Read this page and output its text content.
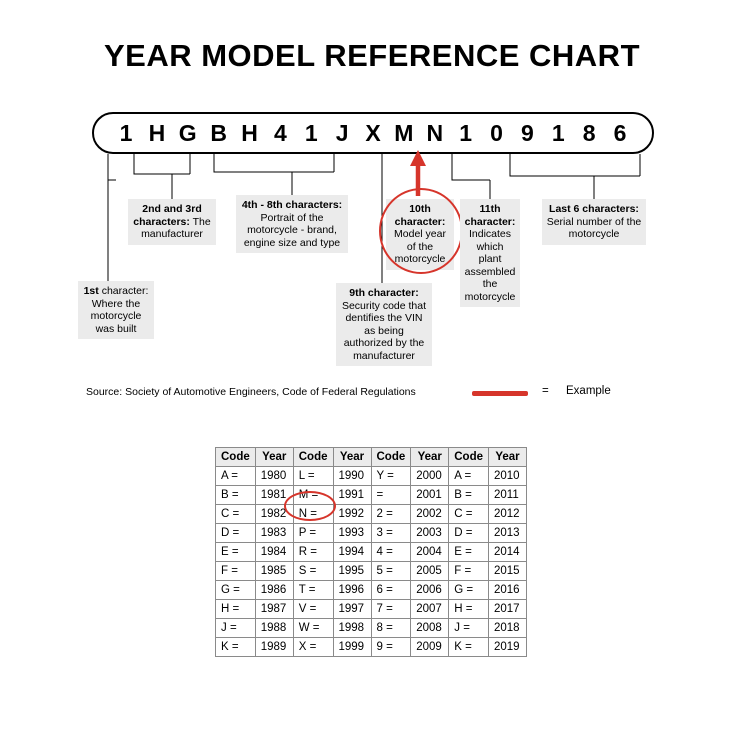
YEAR MODEL REFERENCE CHART
1 H G B H 4 1 J X M N 1 0 9 1 8 6
1st character: Where the motorcycle was built
2nd and 3rd characters: The manufacturer
4th - 8th characters: Portrait of the motorcycle - brand, engine size and type
9th character: Security code that dentifies the VIN as being authorized by the manufacturer
10th character: Model year of the motorcycle
11th character: Indicates which plant assembled the motorcycle
Last 6 characters: Serial number of the motorcycle
Source: Society of Automotive Engineers, Code of Federal Regulations	= Example
Code	Year	Code	Year	Code	Year	Code	Year
A =	1980	L =	1990	Y =	2000	A =	2010
B =	1981	M =	1991	=	2001	B =	2011
C =	1982	N =	1992	2 =	2002	C =	2012
D =	1983	P =	1993	3 =	2003	D =	2013
E =	1984	R =	1994	4 =	2004	E =	2014
F =	1985	S =	1995	5 =	2005	F =	2015
G =	1986	T =	1996	6 =	2006	G =	2016
H =	1987	V =	1997	7 =	2007	H =	2017
J =	1988	W =	1998	8 =	2008	J =	2018
K =	1989	X =	1999	9 =	2009	K =	2019
